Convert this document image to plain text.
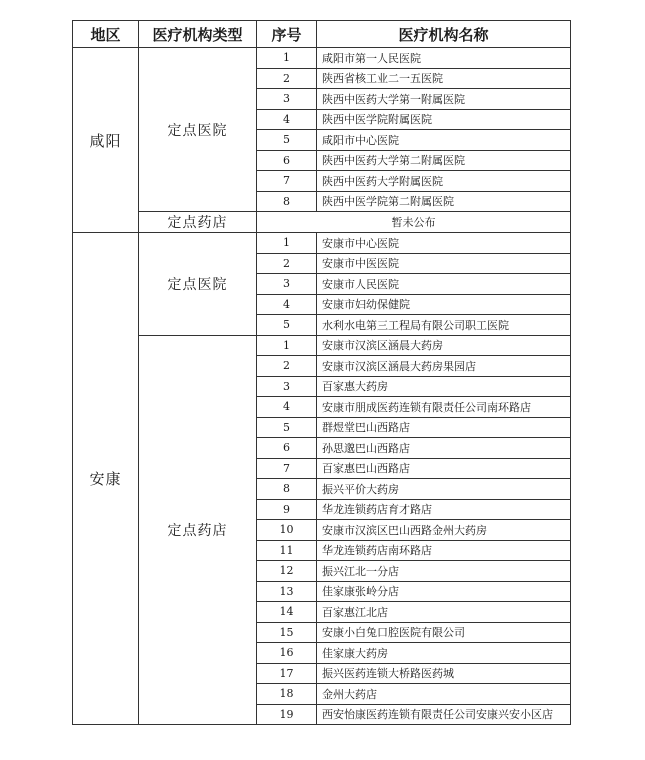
地区	医疗机构类型	序号	医疗机构名称
咸阳	定点医院	1	咸阳市第一人民医院
		2	陕西省核工业二一五医院
		3	陕西中医药大学第一附属医院
		4	陕西中医学院附属医院
		5	咸阳市中心医院
		6	陕西中医药大学第二附属医院
		7	陕西中医药大学附属医院
		8	陕西中医学院第二附属医院
	定点药店	暂未公布	
安康	定点医院	1	安康市中心医院
		2	安康市中医医院
		3	安康市人民医院
		4	安康市妇幼保健院
		5	水利水电第三工程局有限公司职工医院
	定点药店	1	安康市汉滨区涵晨大药房
		2	安康市汉滨区涵晨大药房果园店
		3	百家惠大药房
		4	安康市朋成医药连锁有限责任公司南环路店
		5	群煜堂巴山西路店
		6	孙思邈巴山西路店
		7	百家惠巴山西路店
		8	振兴平价大药房
		9	华龙连锁药店育才路店
		10	安康市汉滨区巴山西路金州大药房
		11	华龙连锁药店南环路店
		12	振兴江北一分店
		13	佳家康张岭分店
		14	百家惠江北店
		15	安康小白兔口腔医院有限公司
		16	佳家康大药房
		17	振兴医药连锁大桥路医药城
		18	金州大药店
		19	西安怡康医药连锁有限责任公司安康兴安小区店
